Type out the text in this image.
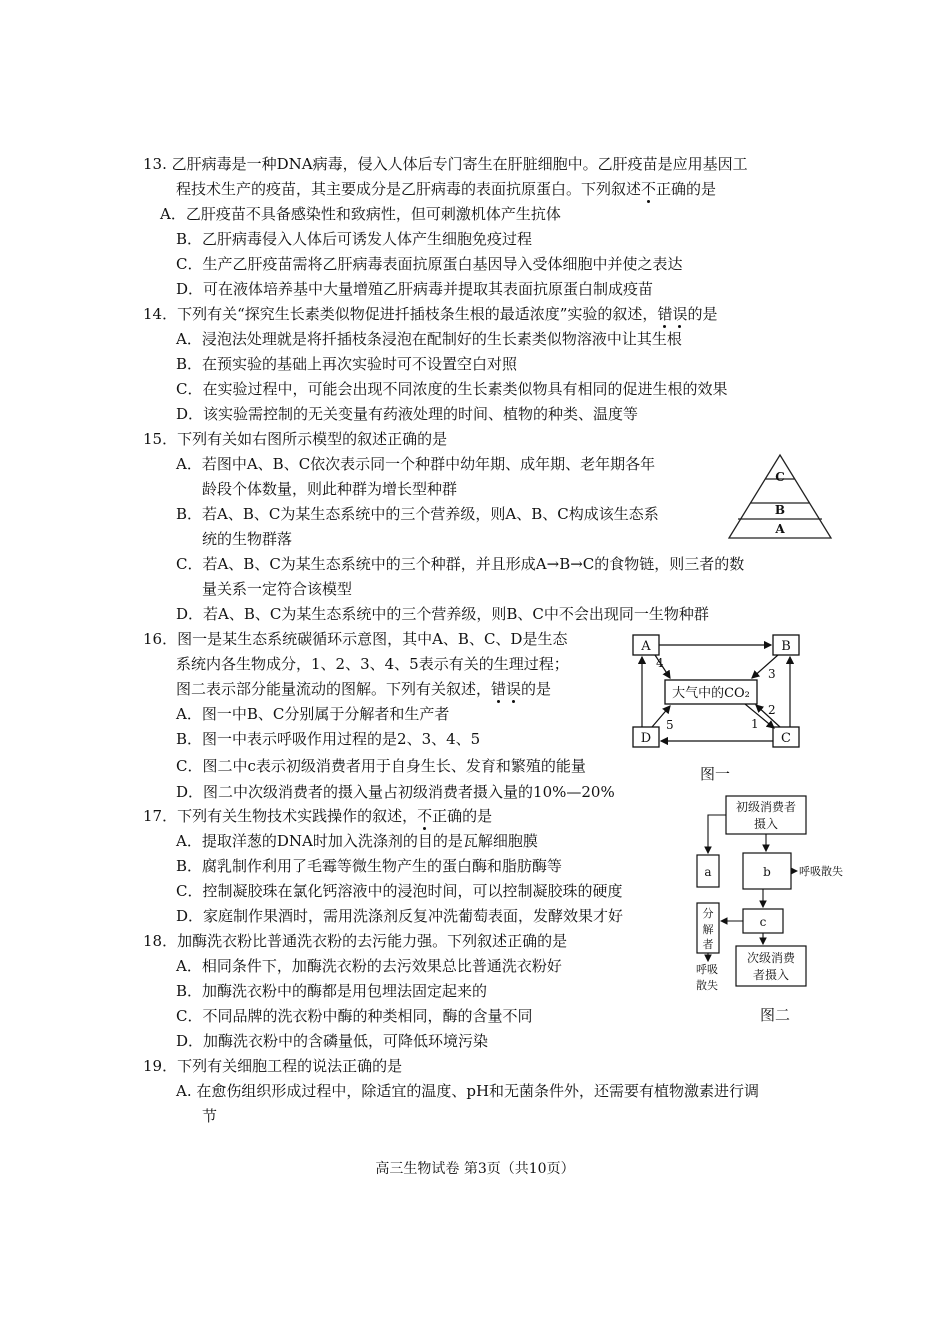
13. 乙肝病毒是一种DNA病毒，侵入人体后专门寄生在肝脏细胞中。乙肝疫苗是应用基因工
程技术生产的疫苗，其主要成分是乙肝病毒的表面抗原蛋白。下列叙述不正确的是
A．乙肝疫苗不具备感染性和致病性，但可刺激机体产生抗体
B．乙肝病毒侵入人体后可诱发人体产生细胞免疫过程
C．生产乙肝疫苗需将乙肝病毒表面抗原蛋白基因导入受体细胞中并使之表达
D．可在液体培养基中大量增殖乙肝病毒并提取其表面抗原蛋白制成疫苗
14．下列有关“探究生长素类似物促进扦插枝条生根的最适浓度”实验的叙述，错误的是
A．浸泡法处理就是将扦插枝条浸泡在配制好的生长素类似物溶液中让其生根
B．在预实验的基础上再次实验时可不设置空白对照
C．在实验过程中，可能会出现不同浓度的生长素类似物具有相同的促进生根的效果
D．该实验需控制的无关变量有药液处理的时间、植物的种类、温度等
15．下列有关如右图所示模型的叙述正确的是
A．若图中A、B、C依次表示同一个种群中幼年期、成年期、老年期各年
龄段个体数量，则此种群为增长型种群
B．若A、B、C为某生态系统中的三个营养级，则A、B、C构成该生态系
统的生物群落
C．若A、B、C为某生态系统中的三个种群，并且形成A→B→C的食物链，则三者的数
量关系一定符合该模型
D．若A、B、C为某生态系统中的三个营养级，则B、C中不会出现同一生物种群
C
B
A
16．图一是某生态系统碳循环示意图，其中A、B、C、D是生态
系统内各生物成分，1、2、3、4、5表示有关的生理过程；
图二表示部分能量流动的图解。下列有关叙述，错误的是
A．图一中B、C分别属于分解者和生产者
B．图一中表示呼吸作用过程的是2、3、4、5
C．图二中c表示初级消费者用于自身生长、发育和繁殖的能量
D．图二中次级消费者的摄入量占初级消费者摄入量的10%—20%
A	B
D	C
大气中的CO₂
4
3
2
1
5
图一
初级消费者
摄入
a	b
c
分
解
者
次级消费
者摄入
呼吸散失
呼吸
散失
图二
17．下列有关生物技术实践操作的叙述，不正确的是
A．提取洋葱的DNA时加入洗涤剂的目的是瓦解细胞膜
B．腐乳制作利用了毛霉等微生物产生的蛋白酶和脂肪酶等
C．控制凝胶珠在氯化钙溶液中的浸泡时间，可以控制凝胶珠的硬度
D．家庭制作果酒时，需用洗涤剂反复冲洗葡萄表面，发酵效果才好
18．加酶洗衣粉比普通洗衣粉的去污能力强。下列叙述正确的是
A．相同条件下，加酶洗衣粉的去污效果总比普通洗衣粉好
B．加酶洗衣粉中的酶都是用包埋法固定起来的
C．不同品牌的洗衣粉中酶的种类相同，酶的含量不同
D．加酶洗衣粉中的含磷量低，可降低环境污染
19．下列有关细胞工程的说法正确的是
A. 在愈伤组织形成过程中，除适宜的温度、pH和无菌条件外，还需要有植物激素进行调
节
高三生物试卷 第3页（共10页）
